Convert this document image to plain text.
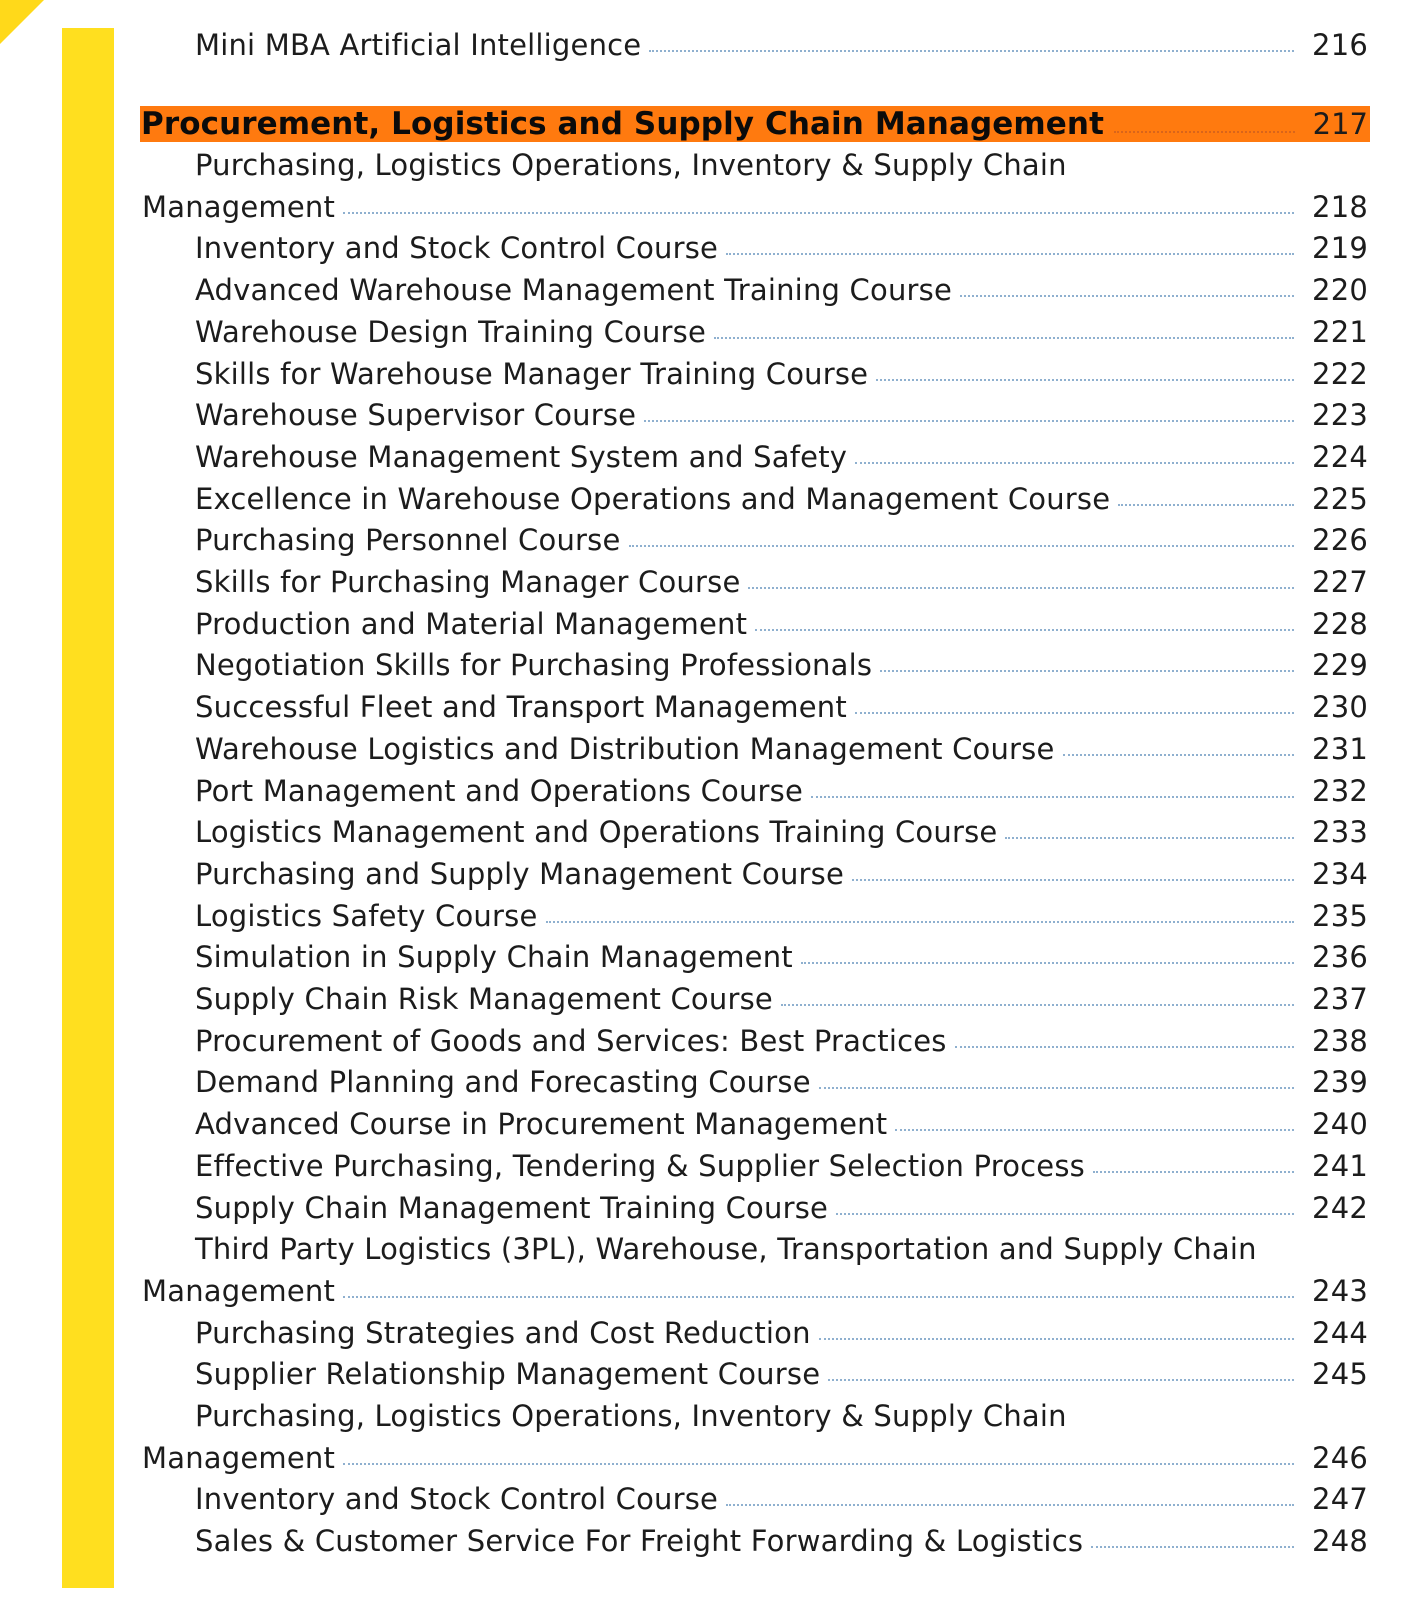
Mini MBA Artificial Intelligence	216
Procurement, Logistics and Supply Chain Management	217
Purchasing, Logistics Operations, Inventory & Supply Chain
Management	218
Inventory and Stock Control Course	219
Advanced Warehouse Management Training Course	220
Warehouse Design Training Course	221
Skills for Warehouse Manager Training Course	222
Warehouse Supervisor Course	223
Warehouse Management System and Safety	224
Excellence in Warehouse Operations and Management Course	225
Purchasing Personnel Course	226
Skills for Purchasing Manager Course	227
Production and Material Management	228
Negotiation Skills for Purchasing Professionals	229
Successful Fleet and Transport Management	230
Warehouse Logistics and Distribution Management Course	231
Port Management and Operations Course	232
Logistics Management and Operations Training Course	233
Purchasing and Supply Management Course	234
Logistics Safety Course	235
Simulation in Supply Chain Management	236
Supply Chain Risk Management Course	237
Procurement of Goods and Services: Best Practices	238
Demand Planning and Forecasting Course	239
Advanced Course in Procurement Management	240
Effective Purchasing, Tendering & Supplier Selection Process	241
Supply Chain Management Training Course	242
Third Party Logistics (3PL), Warehouse, Transportation and Supply Chain
Management	243
Purchasing Strategies and Cost Reduction	244
Supplier Relationship Management Course	245
Purchasing, Logistics Operations, Inventory & Supply Chain
Management	246
Inventory and Stock Control Course	247
Sales & Customer Service For Freight Forwarding & Logistics	248
